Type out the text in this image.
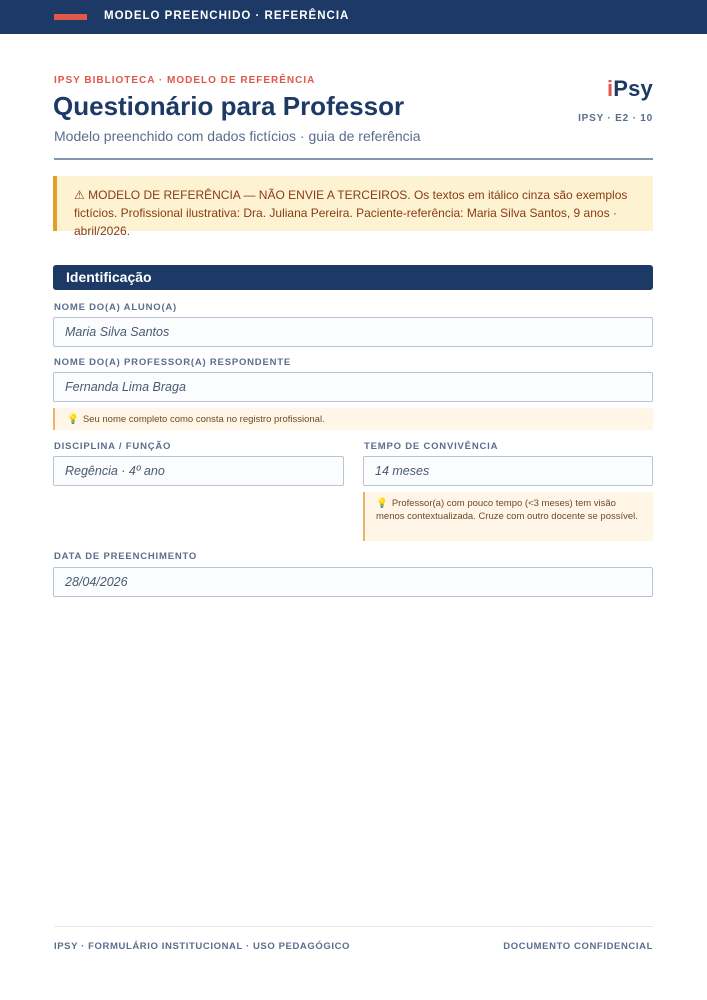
MODELO PREENCHIDO · REFERÊNCIA
IPSY BIBLIOTECA · MODELO DE REFERÊNCIA
Questionário para Professor
Modelo preenchido com dados fictícios · guia de referência
iPsy
IPSY · E2 · 10
⚠ MODELO DE REFERÊNCIA — NÃO ENVIE A TERCEIROS. Os textos em itálico cinza são exemplos fictícios. Profissional ilustrativa: Dra. Juliana Pereira. Paciente-referência: Maria Silva Santos, 9 anos · abril/2026.
Identificação
NOME DO(A) ALUNO(A)
Maria Silva Santos
NOME DO(A) PROFESSOR(A) RESPONDENTE
Fernanda Lima Braga
💡 Seu nome completo como consta no registro profissional.
DISCIPLINA / FUNÇÃO
Regência · 4º ano
TEMPO DE CONVIVÊNCIA
14 meses
💡 Professor(a) com pouco tempo (<3 meses) tem visão menos contextualizada. Cruze com outro docente se possível.
DATA DE PREENCHIMENTO
28/04/2026
IPSY · FORMULÁRIO INSTITUCIONAL · USO PEDAGÓGICO	DOCUMENTO CONFIDENCIAL
